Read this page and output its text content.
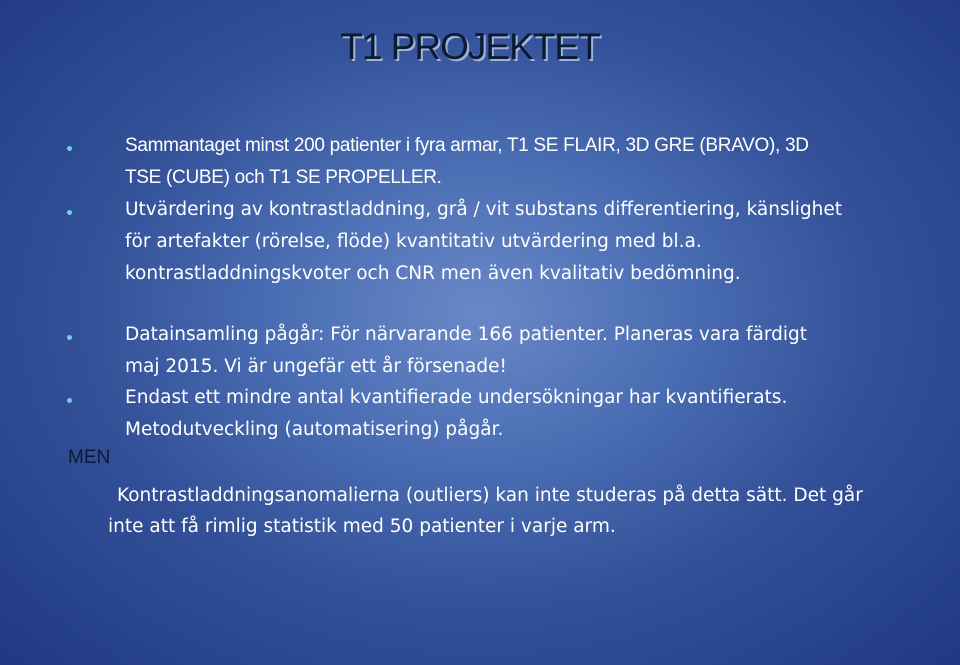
T1 PROJEKTET
Sammantaget minst 200 patienter i fyra armar, T1 SE FLAIR, 3D GRE (BRAVO), 3D TSE (CUBE) och T1 SE PROPELLER.
Utvärdering av kontrastladdning, grå / vit substans differentiering, känslighet för artefakter (rörelse, flöde) kvantitativ utvärdering med bl.a. kontrastladdningskvoter och CNR men även kvalitativ bedömning.
Datainsamling pågår: För närvarande 166 patienter. Planeras vara färdigt maj 2015. Vi är ungefär ett år försenade!
Endast ett mindre antal kvantifierade undersökningar har kvantifierats. Metodutveckling (automatisering) pågår.
MEN
Kontrastladdningsanomalierna (outliers) kan inte studeras på detta sätt. Det går inte att få rimlig statistik med 50 patienter i varje arm.
